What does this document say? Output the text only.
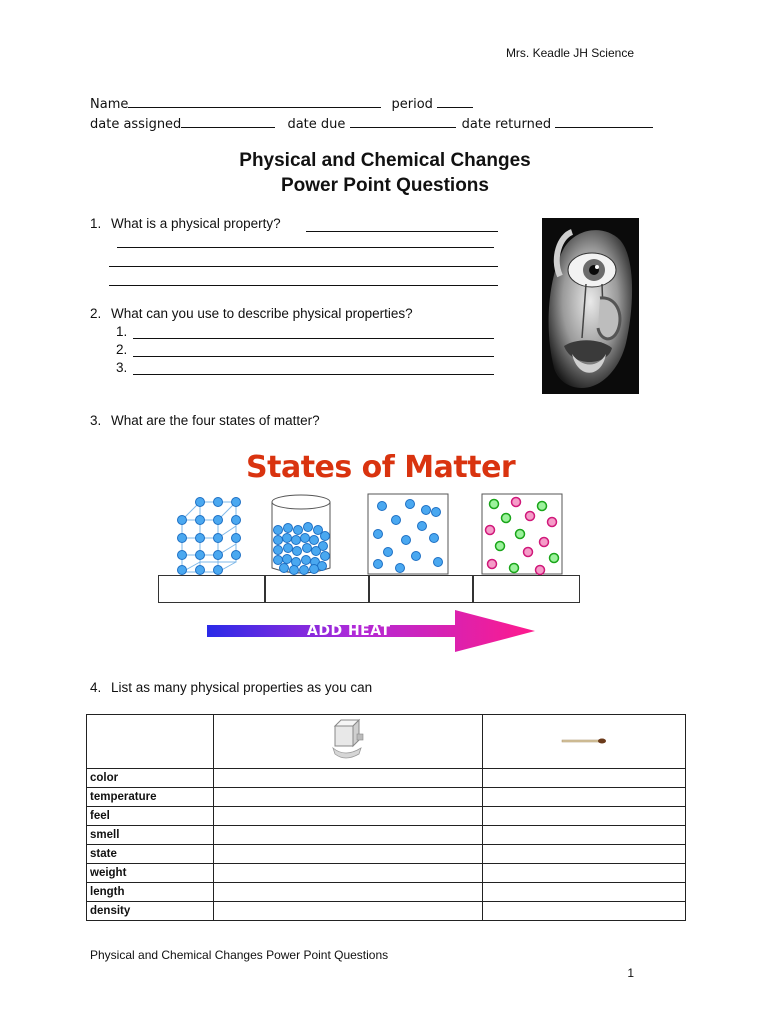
Mrs. Keadle JH Science
Name	period
date assigned	date due	date returned
Physical and Chemical Changes
Power Point Questions
1. What is a physical property?
2. What can you use to describe physical properties?
1.
2.
3.
3. What are the four states of matter?
States of Matter
ADD HEAT
4. List as many physical properties as you can

color		
temperature		
feel		
smell		
state		
weight		
length		
density		
Physical and Chemical Changes Power Point Questions
1
